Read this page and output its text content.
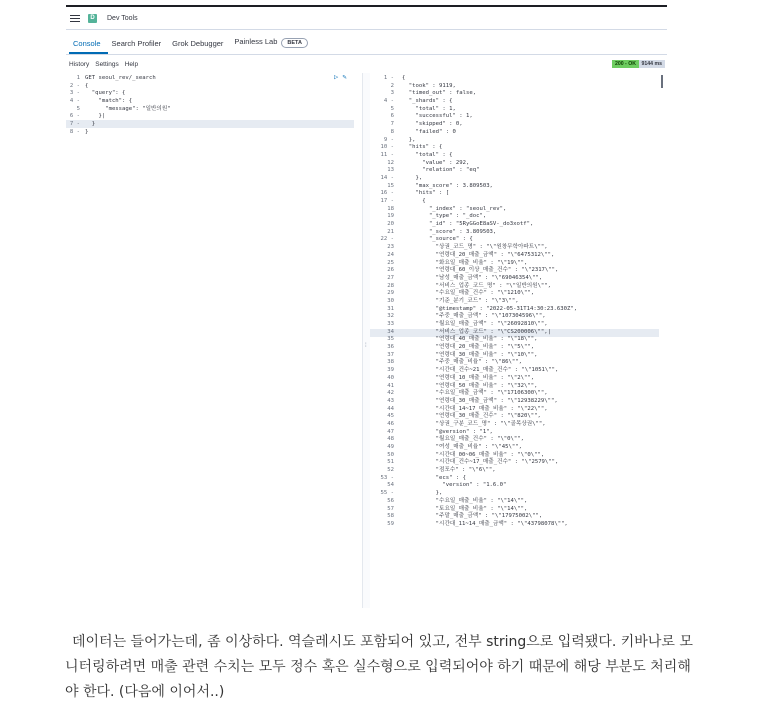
D	Dev Tools
Console	Search Profiler	Grok Debugger	Painless Lab BETA
History Settings Help	200 - OK	9144 ms
1 GET seoul_rev/_search
2 - {
3 -  "query": {
4 -    "match": {
5      "message": "일반의원"
6 -    }|
7 -  }
8 - }
▷ ✎
⁞
1 - {
2  "took" : 9119,
3  "timed_out" : false,
4 -  "_shards" : {
5    "total" : 1,
6    "successful" : 1,
7    "skipped" : 0,
8    "failed" : 0
9 -  },
10 -  "hits" : {
11 -    "total" : {
12      "value" : 292,
13      "relation" : "eq"
14 -    },
15    "max_score" : 3.809503,
16 -    "hits" : [
17 -      {
18        "_index" : "seoul_rev",
19        "_type" : "_doc",
20        "_id" : "5RyGGoE8aSV-_do3xotf",
21        "_score" : 3.809503,
22 -        "_source" : {
23          "상권_코드_명" : "\"원창무학아파트\"",
24          "연령대_20_매출_금액" : "\"6475312\"",
25          "화요일_매출_비율" : "\"19\"",
26          "연령대_60_이상_매출_건수" : "\"2317\"",
27          "남성_매출_금액" : "\"69046354\"",
28          "서비스_업종_코드_명" : "\"일반의원\"",
29          "수요일_매출_건수" : "\"1210\"",
30          "기준_분기_코드" : "\"3\"",
31          "@timestamp" : "2022-05-31T14:30:23.630Z",
32          "주중_매출_금액" : "\"107304596\"",
33          "월요일_매출_금액" : "\"26092810\"",
34          "서비스_업종_코드" : "\"CS200006\"",|
35          "연령대_40_매출_비율" : "\"18\"",
36          "연령대_20_매출_비율" : "\"5\"",
37          "연령대_30_매출_비율" : "\"10\"",
38          "주중_매출_비율" : "\"86\"",
39          "시간대_건수~21_매출_건수" : "\"1051\"",
40          "연령대_10_매출_비율" : "\"2\"",
41          "연령대_50_매출_비율" : "\"32\"",
42          "수요일_매출_금액" : "\"17106300\"",
43          "연령대_30_매출_금액" : "\"12938229\"",
44          "시간대_14~17_매출_비율" : "\"22\"",
45          "연령대_30_매출_건수" : "\"820\"",
46          "상권_구분_코드_명" : "\"골목상권\"",
47          "@version" : "1",
48          "월요일_매출_건수" : "\"0\"",
49          "여성_매출_비율" : "\"45\"",
50          "시간대_00~06_매출_비율" : "\"0\"",
51          "시간대_건수~17_매출_건수" : "\"2579\"",
52          "점포수" : "\"6\"",
53 -          "ecs" : {
54            "version" : "1.6.0"
55 -          },
56          "수요일_매출_비율" : "\"14\"",
57          "토요일_매출_비율" : "\"14\"",
58          "주말_매출_금액" : "\"17975002\"",
59          "시간대_11~14_매출_금액" : "\"43798078\"",
데이터는 들어가는데, 좀 이상하다. 역슬레시도 포함되어 있고, 전부 string으로 입력됐다. 키바나로 모
니터링하려면 매출 관련 수치는 모두 정수 혹은 실수형으로 입력되어야 하기 때문에 해당 부분도 처리해
야 한다. (다음에 이어서..)
